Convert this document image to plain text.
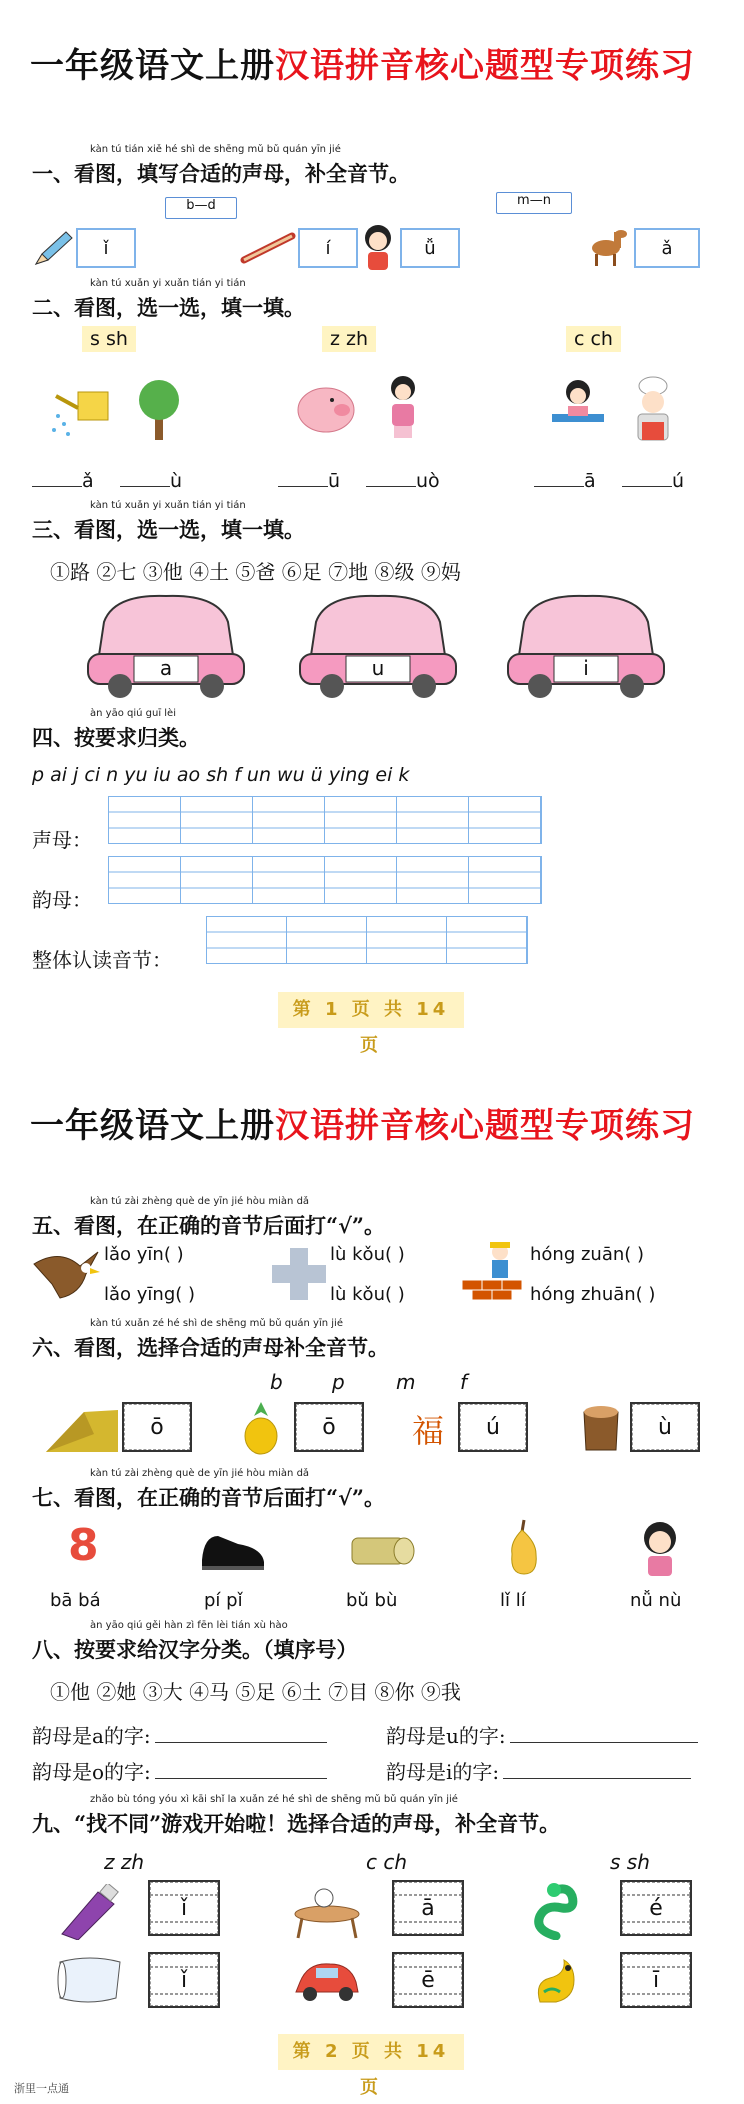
一年级语文上册汉语拼音核心题型专项练习
kàn tú tián xiě hé shì de shēng mǔ bǔ quán yīn jié
一、看图，填写合适的声母，补全音节。
b—d	m—n
ǐ	í	ǚ	ǎ
kàn tú xuǎn yi xuǎn tián yi tián
二、看图，选一选，填一填。
s sh	z zh	c ch
ǎ	ù	ū	uò	ā	ú
kàn tú xuǎn yi xuǎn tián yi tián
三、看图，选一选，填一填。
①路 ②七 ③他 ④土 ⑤爸 ⑥足 ⑦地 ⑧级 ⑨妈
a	u	i
àn yāo qiú guī lèi
四、按要求归类。
p ai j ci n yu iu ao sh f un wu ü ying ei k
声母：
韵母：
整体认读音节：
第 1 页 共 14 页
一年级语文上册汉语拼音核心题型专项练习
kàn tú zài zhèng què de yīn jié hòu miàn dǎ
五、看图，在正确的音节后面打“√”。
lǎo yīn( )
lǎo yīng( )
lù kǒu( )
lù kǒu( )
hóng zuān( )
hóng zhuān( )
kàn tú xuǎn zé hé shì de shēng mǔ bǔ quán yīn jié
六、看图，选择合适的声母补全音节。
b p	m f
ō	ō	福	ú	ù
kàn tú zài zhèng què de yīn jié hòu miàn dǎ
七、看图，在正确的音节后面打“√”。
8
bā bá	pí pǐ	bǔ bù	lǐ lí	nǚ nù
àn yāo qiú gěi hàn zì fēn lèi tián xù hào
八、按要求给汉字分类。（填序号）
①他 ②她 ③大 ④马 ⑤足 ⑥土 ⑦目 ⑧你 ⑨我
韵母是a的字:	韵母是u的字:
韵母是o的字:	韵母是i的字:
zhǎo bù tóng yóu xì kāi shǐ la xuǎn zé hé shì de shēng mǔ bǔ quán yīn jié
九、“找不同”游戏开始啦！选择合适的声母，补全音节。
z zh	c ch	s sh
ǐ	ā	é
ǐ	ē	ī
第 2 页 共 14 页
浙里一点通
